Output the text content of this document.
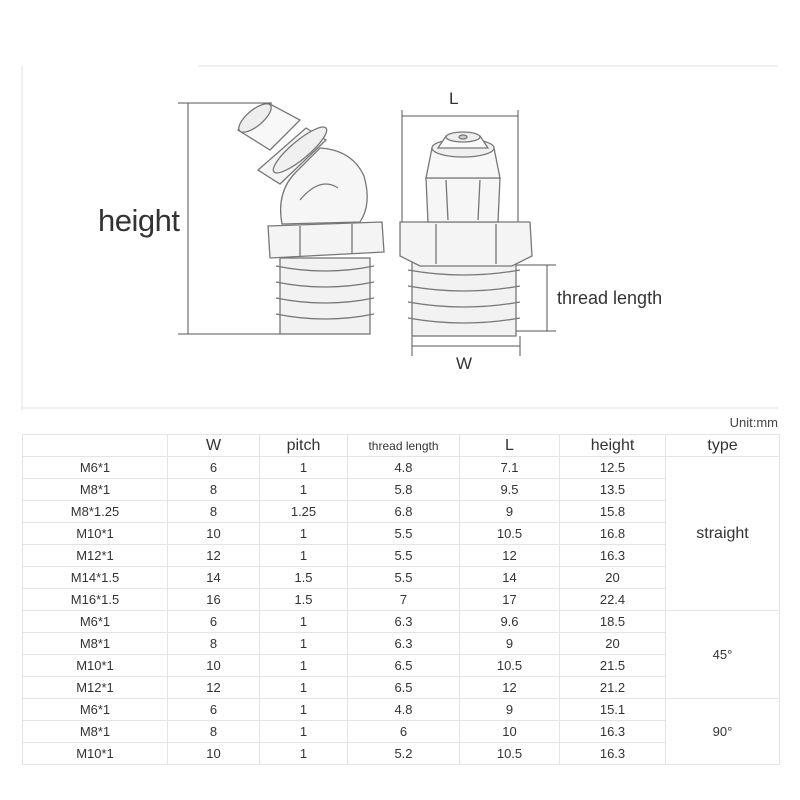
height
L
thread length
W
Unit:mm
	W	pitch	thread length	L	height	type
M6*1	6	1	4.8	7.1	12.5	straight
M8*1	8	1	5.8	9.5	13.5	
M8*1.25	8	1.25	6.8	9	15.8	
M10*1	10	1	5.5	10.5	16.8	
M12*1	12	1	5.5	12	16.3	
M14*1.5	14	1.5	5.5	14	20	
M16*1.5	16	1.5	7	17	22.4	
M6*1	6	1	6.3	9.6	18.5	45°
M8*1	8	1	6.3	9	20	
M10*1	10	1	6.5	10.5	21.5	
M12*1	12	1	6.5	12	21.2	
M6*1	6	1	4.8	9	15.1	90°
M8*1	8	1	6	10	16.3	
M10*1	10	1	5.2	10.5	16.3	
